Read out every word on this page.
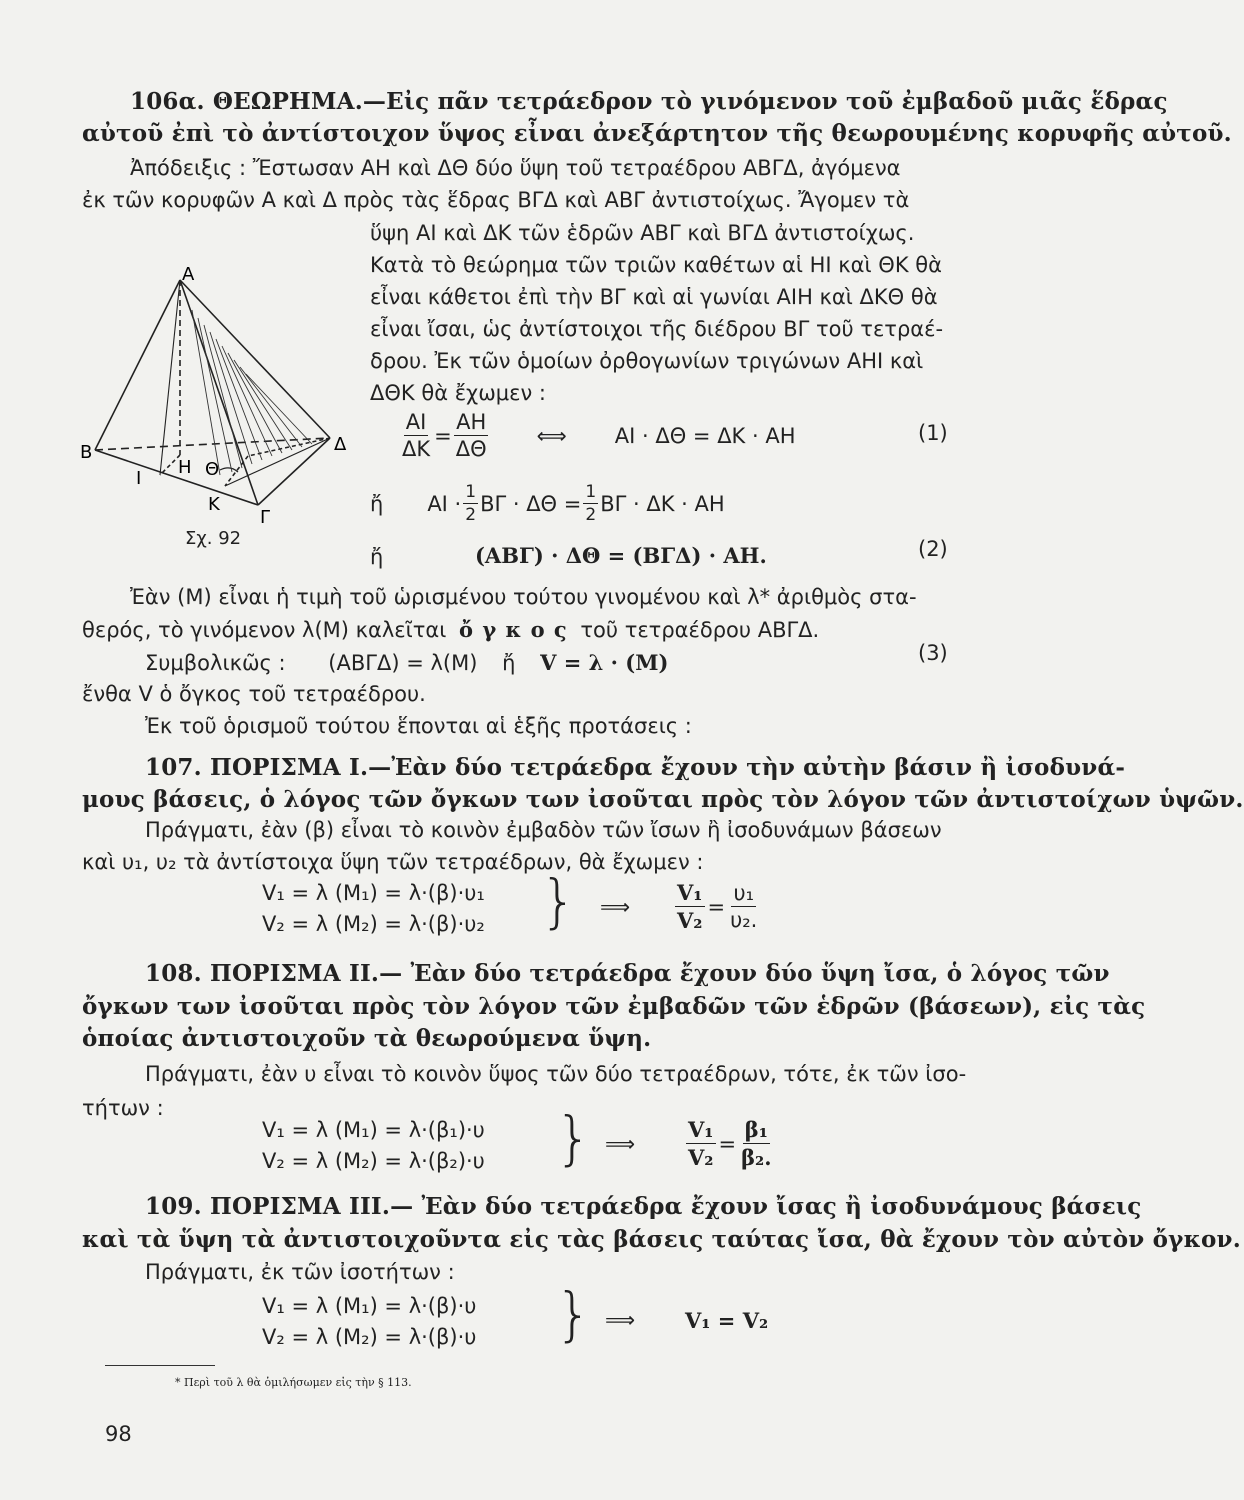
106α. ΘΕΩΡΗΜΑ.—Εἰς πᾶν τετράεδρον τὸ γινόμενον τοῦ ἐμβαδοῦ μιᾶς ἕδρας
αὐτοῦ ἐπὶ τὸ ἀντίστοιχον ὕψος εἶναι ἀνεξάρτητον τῆς θεωρουμένης κορυφῆς αὐτοῦ.
Ἀπόδειξις : Ἔστωσαν ΑΗ καὶ ΔΘ δύο ὕψη τοῦ τετραέδρου ΑΒΓΔ, ἀγόμενα
ἐκ τῶν κορυφῶν Α καὶ Δ πρὸς τὰς ἕδρας ΒΓΔ καὶ ΑΒΓ ἀντιστοίχως. Ἄγομεν τὰ
ὕψη ΑΙ καὶ ΔΚ τῶν ἑδρῶν ΑΒΓ καὶ ΒΓΔ ἀντιστοίχως.
Κατὰ τὸ θεώρημα τῶν τριῶν καθέτων αἱ ΗΙ καὶ ΘΚ θὰ
εἶναι κάθετοι ἐπὶ τὴν ΒΓ καὶ αἱ γωνίαι ΑΙΗ καὶ ΔΚΘ θὰ
εἶναι ἴσαι, ὡς ἀντίστοιχοι τῆς διέδρου ΒΓ τοῦ τετραέ-
δρου. Ἐκ τῶν ὁμοίων ὀρθογωνίων τριγώνων ΑΗΙ καὶ
ΔΘΚ θὰ ἔχωμεν :
Α
Β
Γ
Δ
Η Θ
Ι
Κ
Σχ. 92
$\frac{AI}{\Delta K} = \frac{AH}{\Delta\Theta}$ ⟺ ΑΙ · ΔΘ = ΔΚ · ΑΗ	(1)
ἤ ΑΙ · 1
2 $B\Gamma \cdot \Delta\Theta = \frac{1}{2}$ ΒΓ · ΔΚ · ΑΗ
ἤ	(ΑΒΓ) · ΔΘ = (ΒΓΔ) · ΑΗ.	(2)
Ἐὰν (Μ) εἶναι ἡ τιμὴ τοῦ ὡρισμένου τούτου γινομένου καὶ λ* ἀριθμὸς στα-
θερός, τὸ γινόμενον λ(Μ) καλεῖται ὄ γ κ ο ς τοῦ τετραέδρου ΑΒΓΔ.
Συμβολικῶς : (ΑΒΓΔ) = λ(Μ) ἤ V = λ · (Μ)	(3)
ἔνθα V ὁ ὄγκος τοῦ τετραέδρου.
Ἐκ τοῦ ὁρισμοῦ τούτου ἕπονται αἱ ἑξῆς προτάσεις :
107. ΠΟΡΙΣΜΑ Ι.—Ἐὰν δύο τετράεδρα ἔχουν τὴν αὐτὴν βάσιν ἢ ἰσοδυνά-
μους βάσεις, ὁ λόγος τῶν ὄγκων των ἰσοῦται πρὸς τὸν λόγον τῶν ἀντιστοίχων ὑψῶν.
Πράγματι, ἐὰν (β) εἶναι τὸ κοινὸν ἐμβαδὸν τῶν ἴσων ἢ ἰσοδυνάμων βάσεων
καὶ υ₁, υ₂ τὰ ἀντίστοιχα ὕψη τῶν τετραέδρων, θὰ ἔχωμεν :
V₁ = λ (Μ₁) = λ·(β)·υ₁
V₂ = λ (Μ₂) = λ·(β)·υ₂ } ⟹ $\frac{\text{V₁}}{\text{V₂}} = \frac{\text{υ₁}}{\text{υ₂.}}$
108. ΠΟΡΙΣΜΑ ΙΙ.— Ἐὰν δύο τετράεδρα ἔχουν δύο ὕψη ἴσα, ὁ λόγος τῶν
ὄγκων των ἰσοῦται πρὸς τὸν λόγον τῶν ἐμβαδῶν τῶν ἑδρῶν (βάσεων), εἰς τὰς
ὁποίας ἀντιστοιχοῦν τὰ θεωρούμενα ὕψη.
Πράγματι, ἐὰν υ εἶναι τὸ κοινὸν ὕψος τῶν δύο τετραέδρων, τότε, ἐκ τῶν ἰσο-
τήτων :
V₁ = λ (Μ₁) = λ·(β₁)·υ
V₂ = λ (Μ₂) = λ·(β₂)·υ } ⟹ $\frac{\text{V₁}}{\text{V₂}} = \frac{\text{β₁}}{\text{β₂.}}$
109. ΠΟΡΙΣΜΑ ΙΙΙ.— Ἐὰν δύο τετράεδρα ἔχουν ἴσας ἢ ἰσοδυνάμους βάσεις
καὶ τὰ ὕψη τὰ ἀντιστοιχοῦντα εἰς τὰς βάσεις ταύτας ἴσα, θὰ ἔχουν τὸν αὐτὸν ὄγκον.
Πράγματι, ἐκ τῶν ἰσοτήτων :
V₁ = λ (Μ₁) = λ·(β)·υ
V₂ = λ (Μ₂) = λ·(β)·υ } ⟹ V₁ = V₂
* Περὶ τοῦ λ θὰ ὁμιλήσωμεν εἰς τὴν § 113.
98
